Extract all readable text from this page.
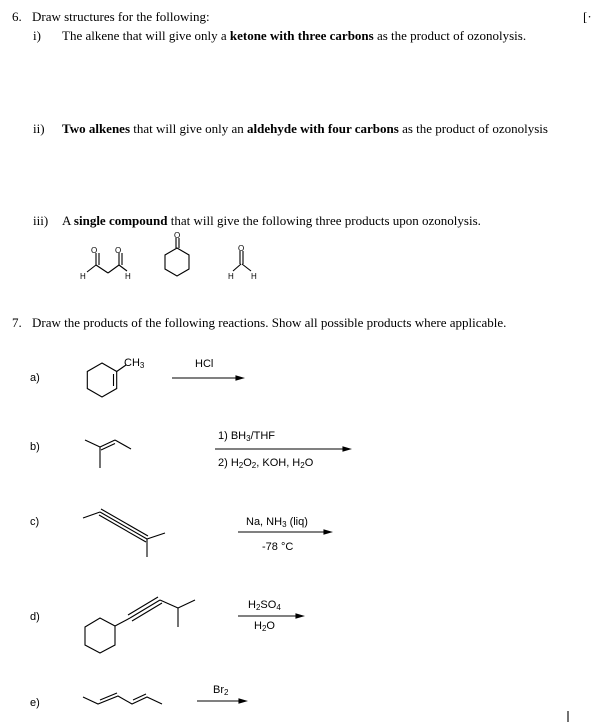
6. Draw structures for the following:	[·
i) The alkene that will give only a ketone with three carbons as the product of ozonolysis.
ii) Two alkenes that will give only an aldehyde with four carbons as the product of ozonolysis
iii) A single compound that will give the following three products upon ozonolysis.
H	H
O O
O
O
H H
7. Draw the products of the following reactions. Show all possible products where applicable.
a)
$CH_3$	HCl
b)
1) $BH_3$/THF
2) $H_2O_2$, KOH, $H_2O$
c)	Na, $NH_3$ (liq)
-78 °C
d)
$H_2SO_4$
$H_2O$
e)
$Br_2$
